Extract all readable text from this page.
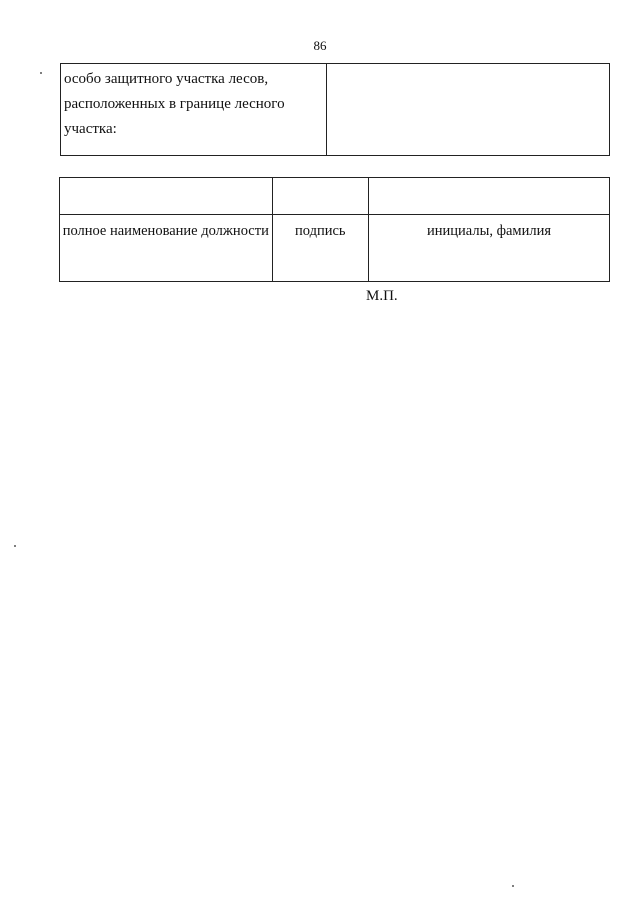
86
особо защитного участка лесов, расположенных в границе лесного участка:	

полное наименование должности	подпись	инициалы, фамилия
М.П.
